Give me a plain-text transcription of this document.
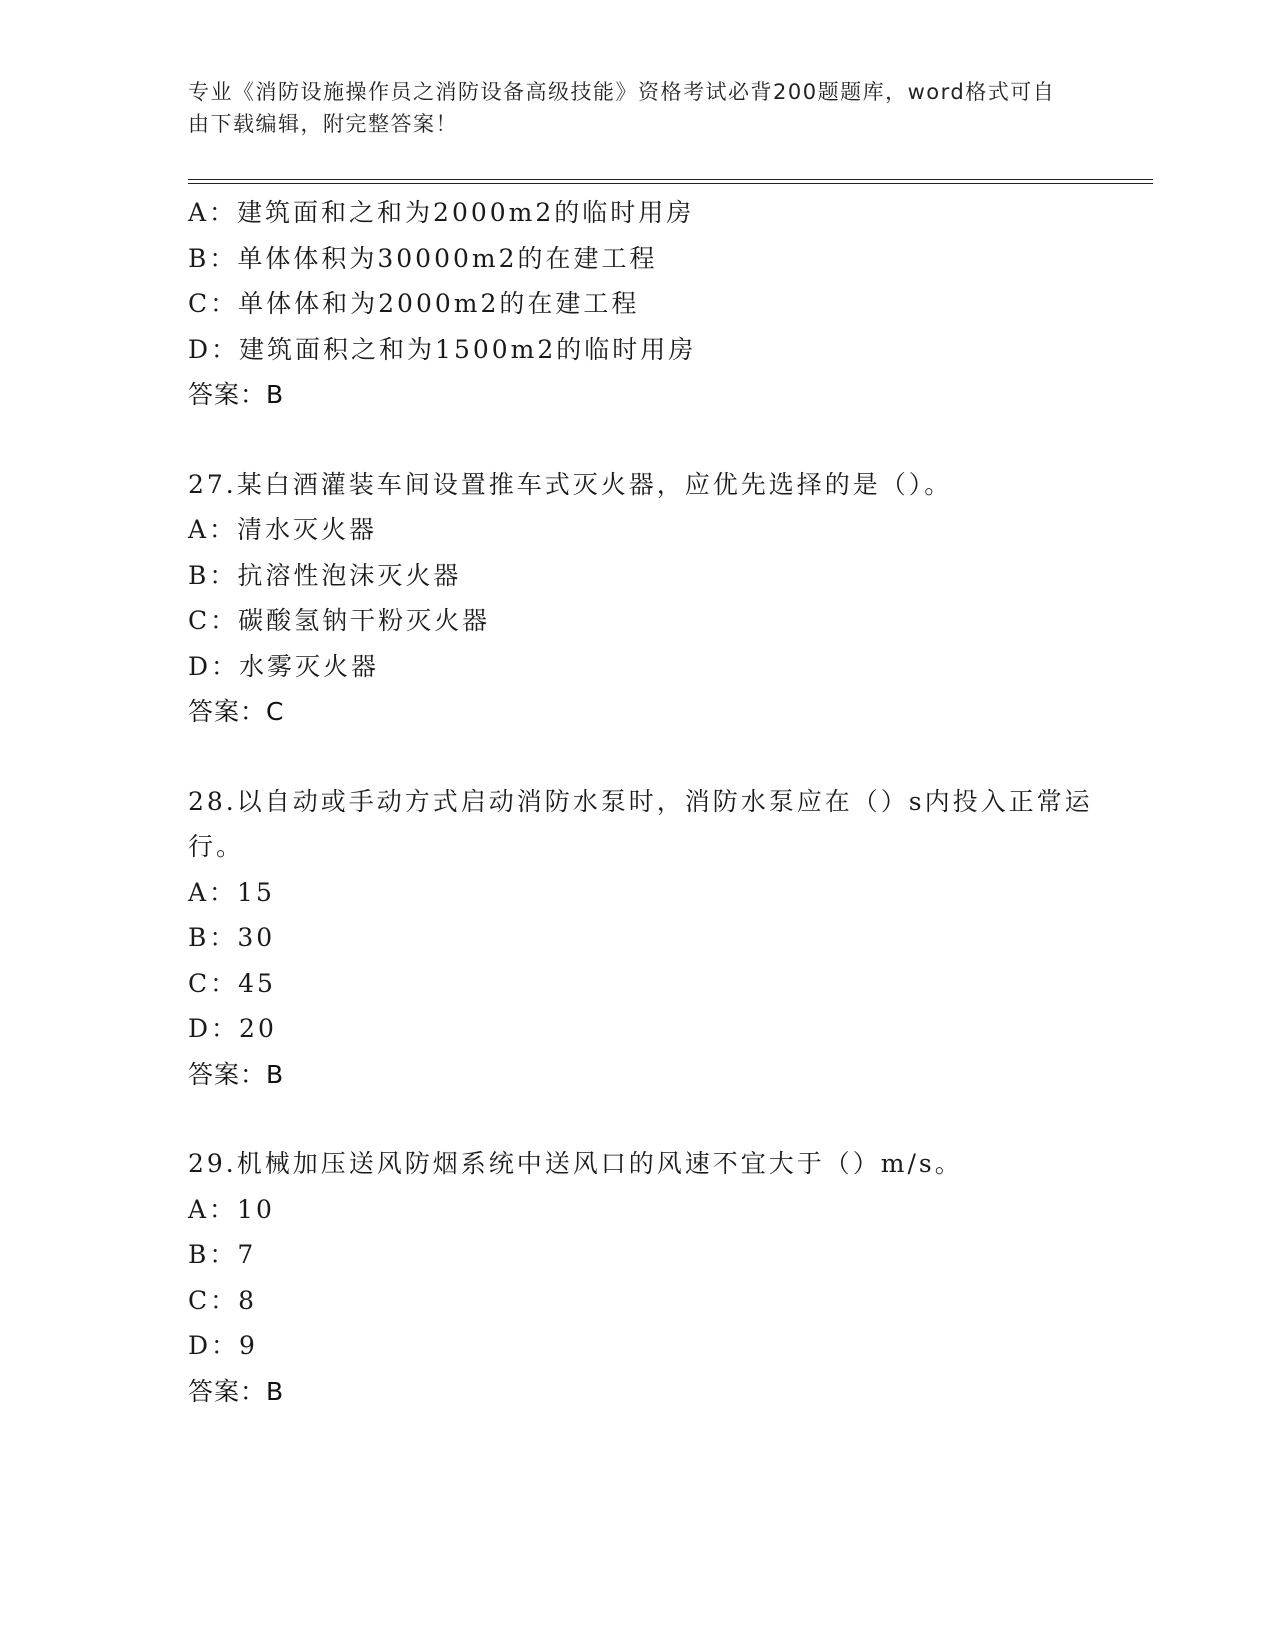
专业《消防设施操作员之消防设备高级技能》资格考试必背200题题库，word格式可自由下载编辑，附完整答案！
A：建筑面和之和为2000m2的临时用房
B：单体体积为30000m2的在建工程
C：单体体和为2000m2的在建工程
D：建筑面积之和为1500m2的临时用房
答案：B
27.某白酒灌装车间设置推车式灭火器，应优先选择的是（）。
A：清水灭火器
B：抗溶性泡沫灭火器
C：碳酸氢钠干粉灭火器
D：水雾灭火器
答案：C
28.以自动或手动方式启动消防水泵时，消防水泵应在（）s内投入正常运行。
A：15
B：30
C：45
D：20
答案：B
29.机械加压送风防烟系统中送风口的风速不宜大于（）m/s。
A：10
B：7
C：8
D：9
答案：B
